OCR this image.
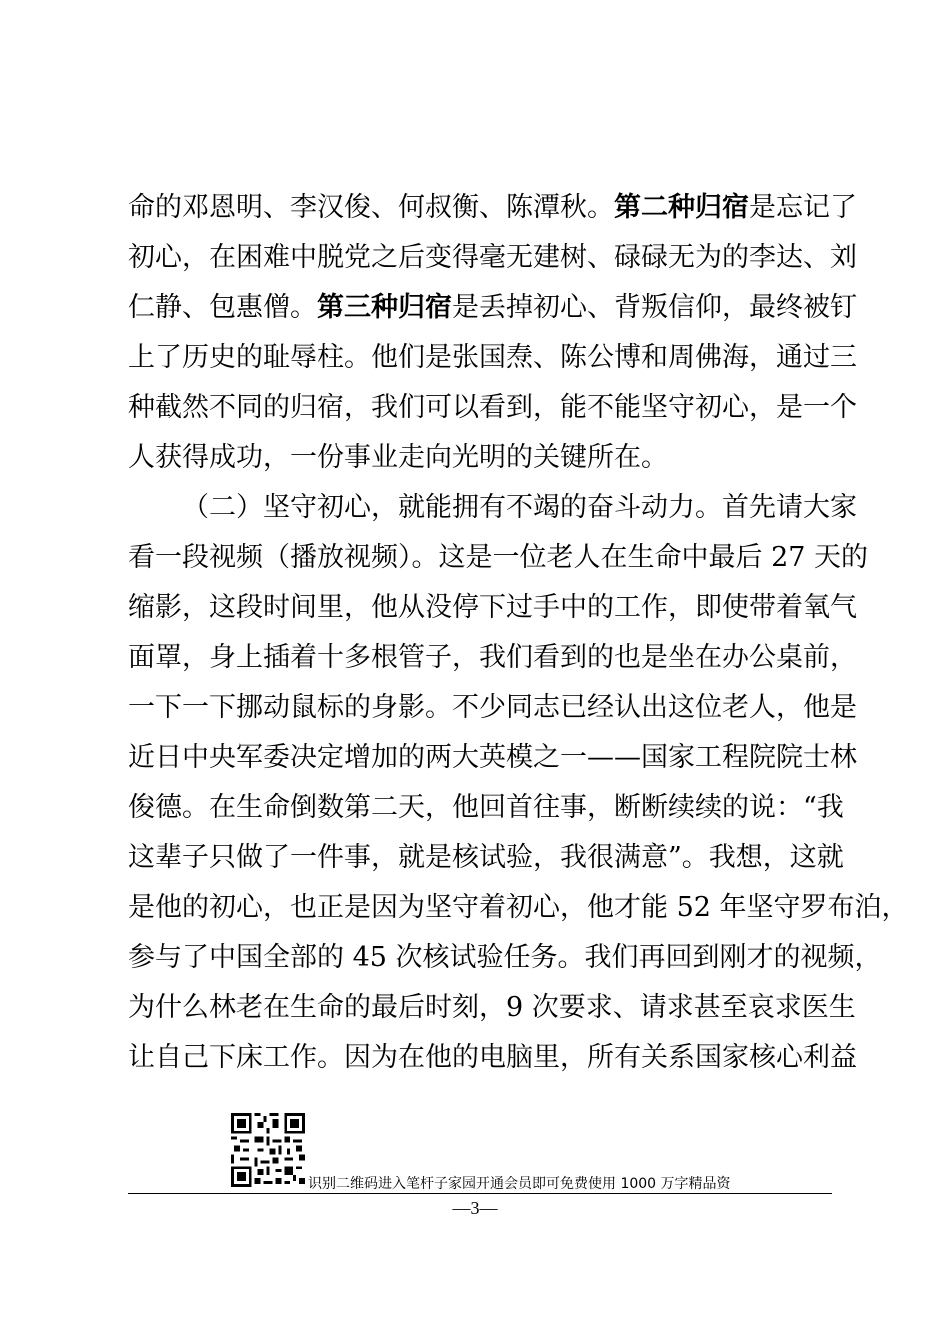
命的邓恩明、李汉俊、何叔衡、陈潭秋。第二种归宿是忘记了
初心，在困难中脱党之后变得毫无建树、碌碌无为的李达、刘
仁静、包惠僧。第三种归宿是丢掉初心、背叛信仰，最终被钉
上了历史的耻辱柱。他们是张国焘、陈公博和周佛海，通过三
种截然不同的归宿，我们可以看到，能不能坚守初心，是一个
人获得成功，一份事业走向光明的关键所在。
（二）坚守初心，就能拥有不竭的奋斗动力。首先请大家
看一段视频（播放视频）。这是一位老人在生命中最后 27 天的
缩影，这段时间里，他从没停下过手中的工作，即使带着氧气
面罩，身上插着十多根管子，我们看到的也是坐在办公桌前，
一下一下挪动鼠标的身影。不少同志已经认出这位老人，他是
近日中央军委决定增加的两大英模之一——国家工程院院士林
俊德。在生命倒数第二天，他回首往事，断断续续的说：“我
这辈子只做了一件事，就是核试验，我很满意”。我想，这就
是他的初心，也正是因为坚守着初心，他才能 52 年坚守罗布泊，
参与了中国全部的 45 次核试验任务。我们再回到刚才的视频，
为什么林老在生命的最后时刻，9 次要求、请求甚至哀求医生
让自己下床工作。因为在他的电脑里，所有关系国家核心利益
识别二维码进入笔杆子家园开通会员即可免费使用 1000 万字精品资
—3—
